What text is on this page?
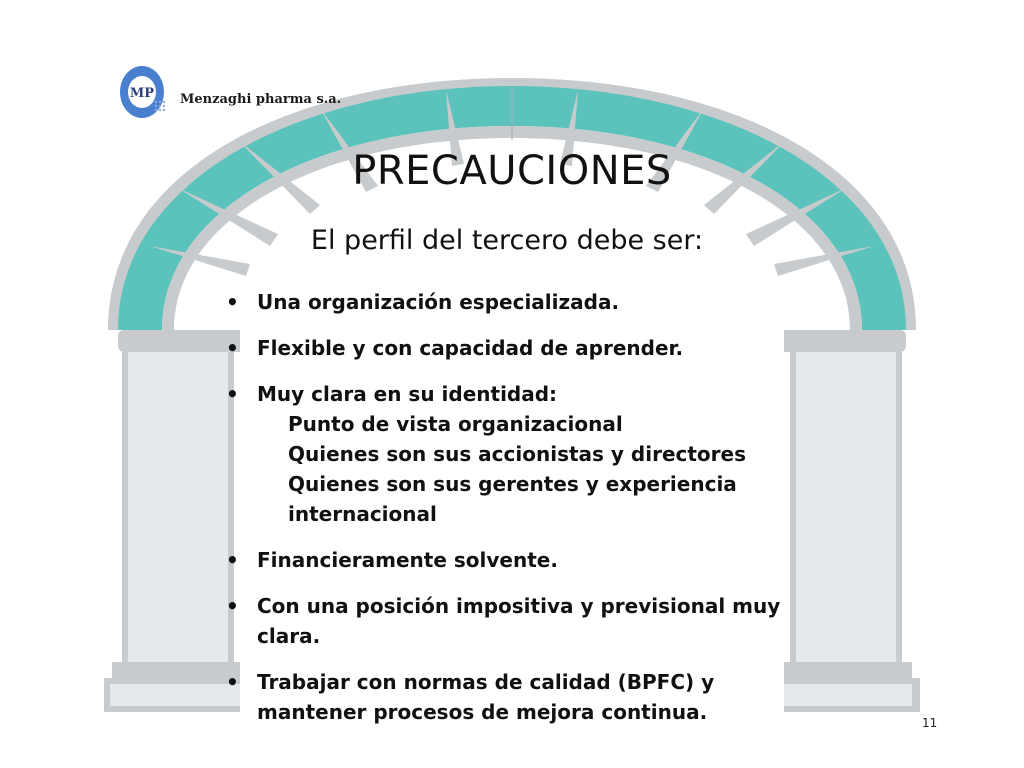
MP Menzaghi pharma s.a.
PRECAUCIONES
El perfil del tercero debe ser:
• Una organización especializada.
• Flexible y con capacidad de aprender.
• Muy clara en su identidad:
Punto de vista organizacional
Quienes son sus accionistas y directores
Quienes son sus gerentes y experiencia internacional
• Financieramente solvente.
• Con una posición impositiva y previsional muy clara.
• Trabajar con normas de calidad (BPFC) y mantener procesos de mejora continua.	11
